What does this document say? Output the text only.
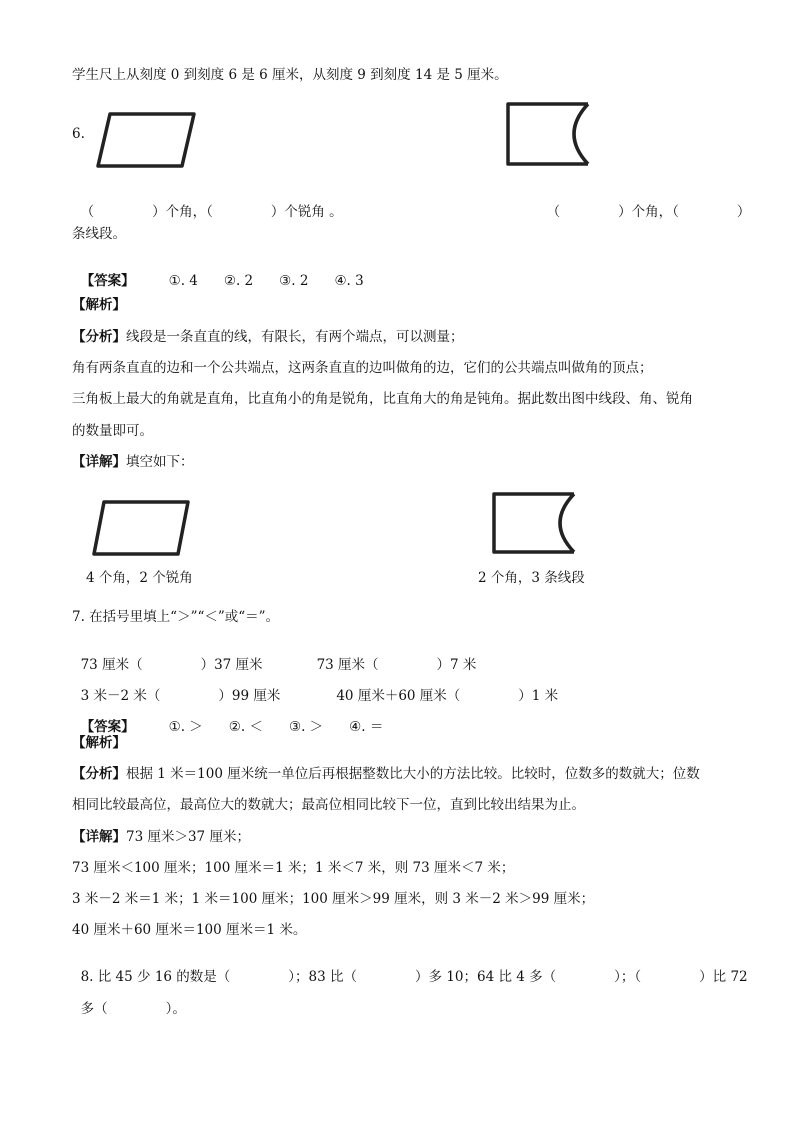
学生尺上从刻度 0 到刻度 6 是 6 厘米，从刻度 9 到刻度 14 是 5 厘米。
6.

（	）个角，（	）个锐角 。	（	）个角，（	）

条线段。

【答案】	①. 4 ②. 2 ③. 2 ④. 3

【解析】
【分析】线段是一条直直的线，有限长，有两个端点，可以测量；
角有两条直直的边和一个公共端点，这两条直直的边叫做角的边，它们的公共端点叫做角的顶点；
三角板上最大的角就是直角，比直角小的角是锐角，比直角大的角是钝角。据此数出图中线段、角、锐角
的数量即可。
【详解】填空如下：
4 个角，2 个锐角	2 个角，3 条线段
7. 在括号里填上“＞”“＜”或“＝”。

73 厘米（	）37 厘米	73 厘米（	）7 米

3 米－2 米（	）99 厘米	40 厘米＋60 厘米（	）1 米

【答案】	①. ＞ ②. ＜ ③. ＞ ④. ＝

【解析】
【分析】根据 1 米＝100 厘米统一单位后再根据整数比大小的方法比较。比较时，位数多的数就大；位数
相同比较最高位，最高位大的数就大；最高位相同比较下一位，直到比较出结果为止。
【详解】73 厘米＞37 厘米；
73 厘米＜100 厘米；100 厘米＝1 米；1 米＜7 米，则 73 厘米＜7 米；
3 米－2 米＝1 米；1 米＝100 厘米；100 厘米＞99 厘米，则 3 米－2 米＞99 厘米；
40 厘米＋60 厘米＝100 厘米＝1 米。

8. 比 45 少 16 的数是（	）；83 比（	）多 10；64 比 4 多（	）；（	）比 72

多（	）。
